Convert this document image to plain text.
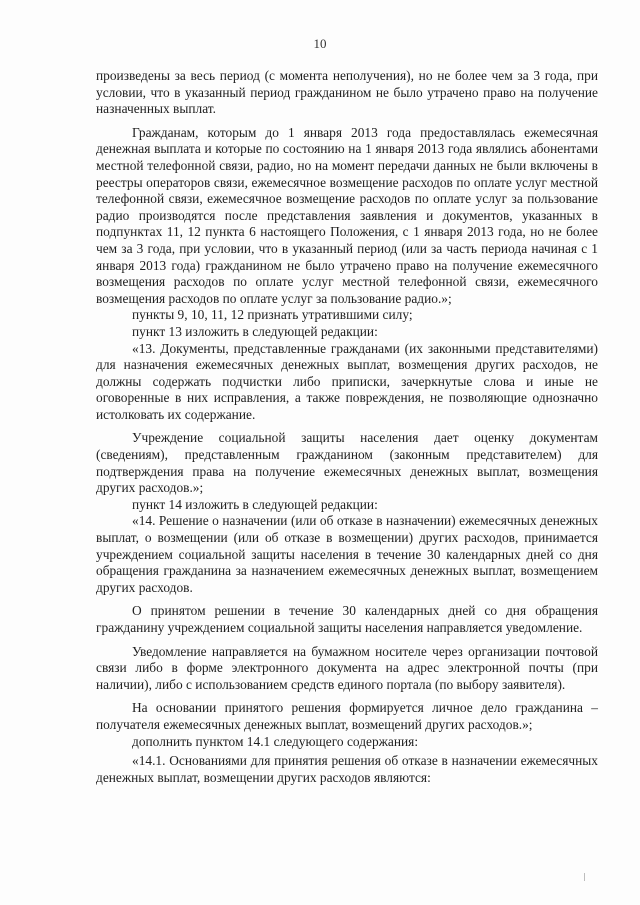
10

произведены за весь период (с момента неполучения), но не более чем за 3 года, при условии, что в указанный период гражданином не было утрачено право на получение назначенных выплат.

Гражданам, которым до 1 января 2013 года предоставлялась ежемесячная денежная выплата и которые по состоянию на 1 января 2013 года являлись абонентами местной телефонной связи, радио, но на момент передачи данных не были включены в реестры операторов связи, ежемесячное возмещение расходов по оплате услуг местной телефонной связи, ежемесячное возмещение расходов по оплате услуг за пользование радио производятся после представления заявления и документов, указанных в подпунктах 11, 12 пункта 6 настоящего Положения, с 1 января 2013 года, но не более чем за 3 года, при условии, что в указанный период (или за часть периода начиная с 1 января 2013 года) гражданином не было утрачено право на получение ежемесячного возмещения расходов по оплате услуг местной телефонной связи, ежемесячного возмещения расходов по оплате услуг за пользование радио.»;

пункты 9, 10, 11, 12 признать утратившими силу;

пункт 13 изложить в следующей редакции:

«13. Документы, представленные гражданами (их законными представителями) для назначения ежемесячных денежных выплат, возмещения других расходов, не должны содержать подчистки либо приписки, зачеркнутые слова и иные не оговоренные в них исправления, а также повреждения, не позволяющие однозначно истолковать их содержание.

Учреждение социальной защиты населения дает оценку документам (сведениям), представленным гражданином (законным представителем) для подтверждения права на получение ежемесячных денежных выплат, возмещения других расходов.»;

пункт 14 изложить в следующей редакции:

«14. Решение о назначении (или об отказе в назначении) ежемесячных денежных выплат, о возмещении (или об отказе в возмещении) других расходов, принимается учреждением социальной защиты населения в течение 30 календарных дней со дня обращения гражданина за назначением ежемесячных денежных выплат, возмещением других расходов.

О принятом решении в течение 30 календарных дней со дня обращения гражданину учреждением социальной защиты населения направляется уведомление.

Уведомление направляется на бумажном носителе через организации почтовой связи либо в форме электронного документа на адрес электронной почты (при наличии), либо с использованием средств единого портала (по выбору заявителя).

На основании принятого решения формируется личное дело гражданина – получателя ежемесячных денежных выплат, возмещений других расходов.»;

дополнить пунктом 14.1 следующего содержания:

«14.1. Основаниями для принятия решения об отказе в назначении ежемесячных денежных выплат, возмещении других расходов являются:
